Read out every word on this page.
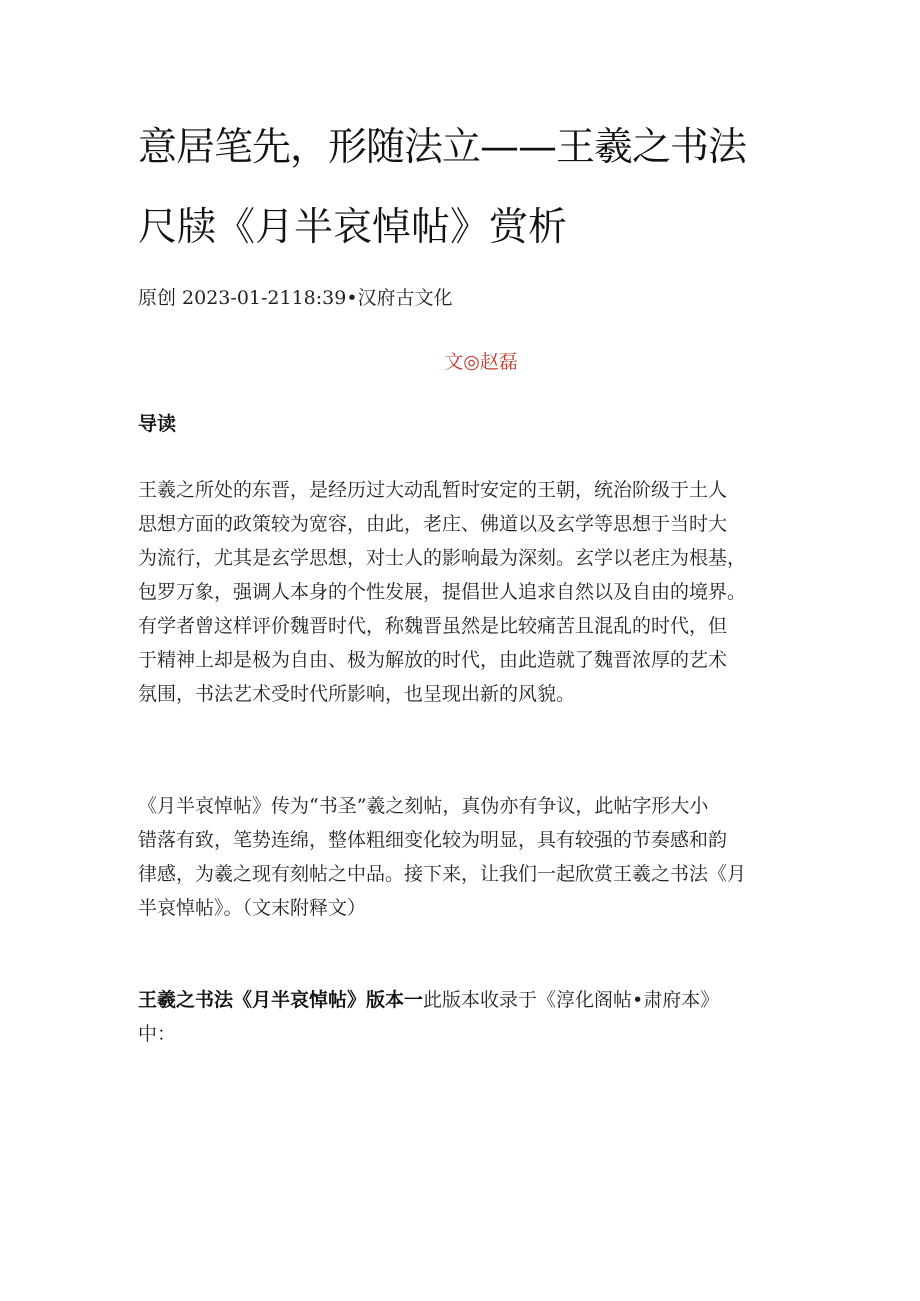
意居笔先，形随法立——王羲之书法
尺牍《月半哀悼帖》赏析
原创 2023-01-2118:39•汉府古文化
文◎赵磊
导读
王羲之所处的东晋，是经历过大动乱暂时安定的王朝，统治阶级于土人
思想方面的政策较为宽容，由此，老庄、佛道以及玄学等思想于当时大
为流行，尤其是玄学思想，对士人的影响最为深刻。玄学以老庄为根基，
包罗万象，强调人本身的个性发展，提倡世人追求自然以及自由的境界。
有学者曾这样评价魏晋时代，称魏晋虽然是比较痛苦且混乱的时代，但
于精神上却是极为自由、极为解放的时代，由此造就了魏晋浓厚的艺术
氛围，书法艺术受时代所影响，也呈现出新的风貌。
《月半哀悼帖》传为“书圣”羲之刻帖，真伪亦有争议，此帖字形大小
错落有致，笔势连绵，整体粗细变化较为明显，具有较强的节奏感和韵
律感，为羲之现有刻帖之中品。接下来，让我们一起欣赏王羲之书法《月
半哀悼帖》。（文末附释文）
王羲之书法《月半哀悼帖》版本一此版本收录于《淳化阁帖•肃府本》
中：
